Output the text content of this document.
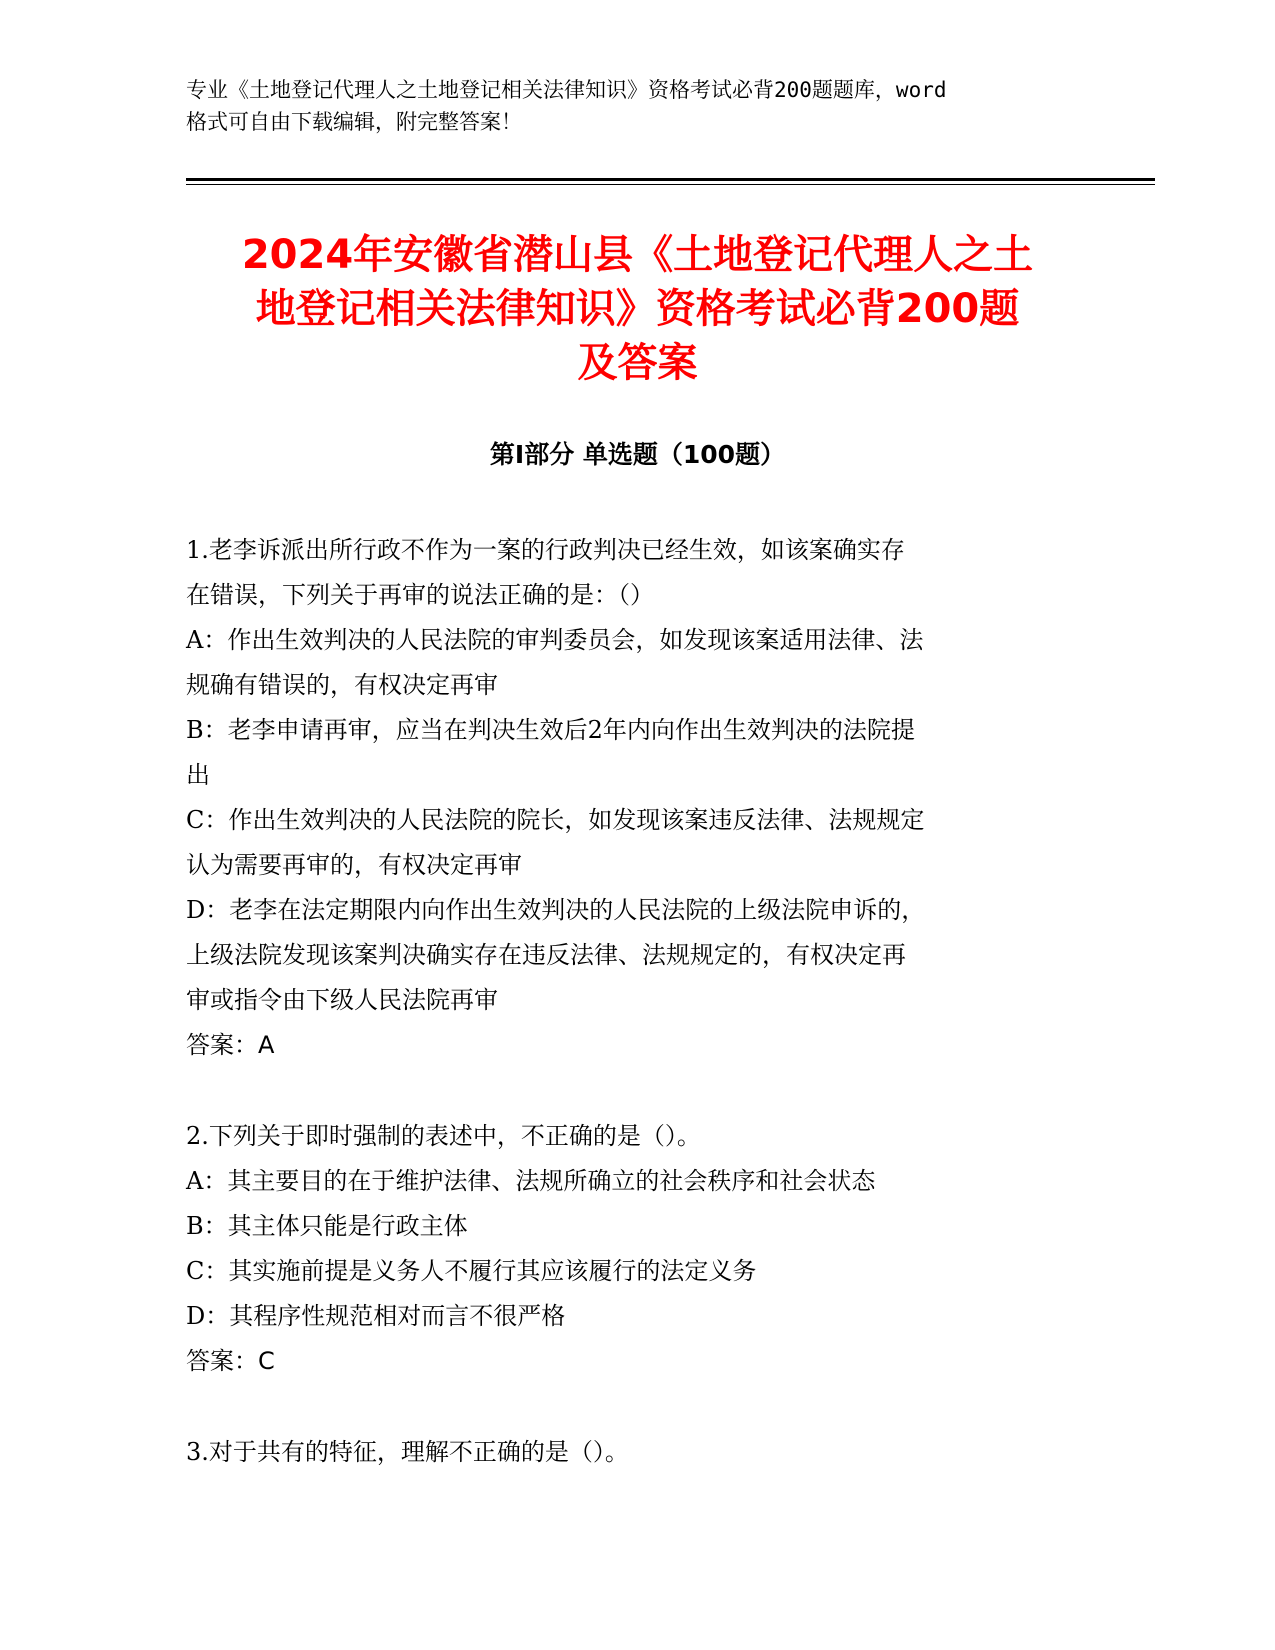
专业《土地登记代理人之土地登记相关法律知识》资格考试必背200题题库，word
格式可自由下载编辑，附完整答案！
2024年安徽省潜山县《土地登记代理人之土
地登记相关法律知识》资格考试必背200题
及答案
第Ⅰ部分 单选题（100题）

1.老李诉派出所行政不作为一案的行政判决已经生效，如该案确实存

在错误，下列关于再审的说法正确的是：（）

A：作出生效判决的人民法院的审判委员会，如发现该案适用法律、法

规确有错误的，有权决定再审

B：老李申请再审，应当在判决生效后2年内向作出生效判决的法院提

出

C：作出生效判决的人民法院的院长，如发现该案违反法律、法规规定

认为需要再审的，有权决定再审

D：老李在法定期限内向作出生效判决的人民法院的上级法院申诉的，

上级法院发现该案判决确实存在违反法律、法规规定的，有权决定再

审或指令由下级人民法院再审

答案：A

2.下列关于即时强制的表述中，不正确的是（）。

A：其主要目的在于维护法律、法规所确立的社会秩序和社会状态

B：其主体只能是行政主体

C：其实施前提是义务人不履行其应该履行的法定义务

D：其程序性规范相对而言不很严格

答案：C

3.对于共有的特征，理解不正确的是（）。
